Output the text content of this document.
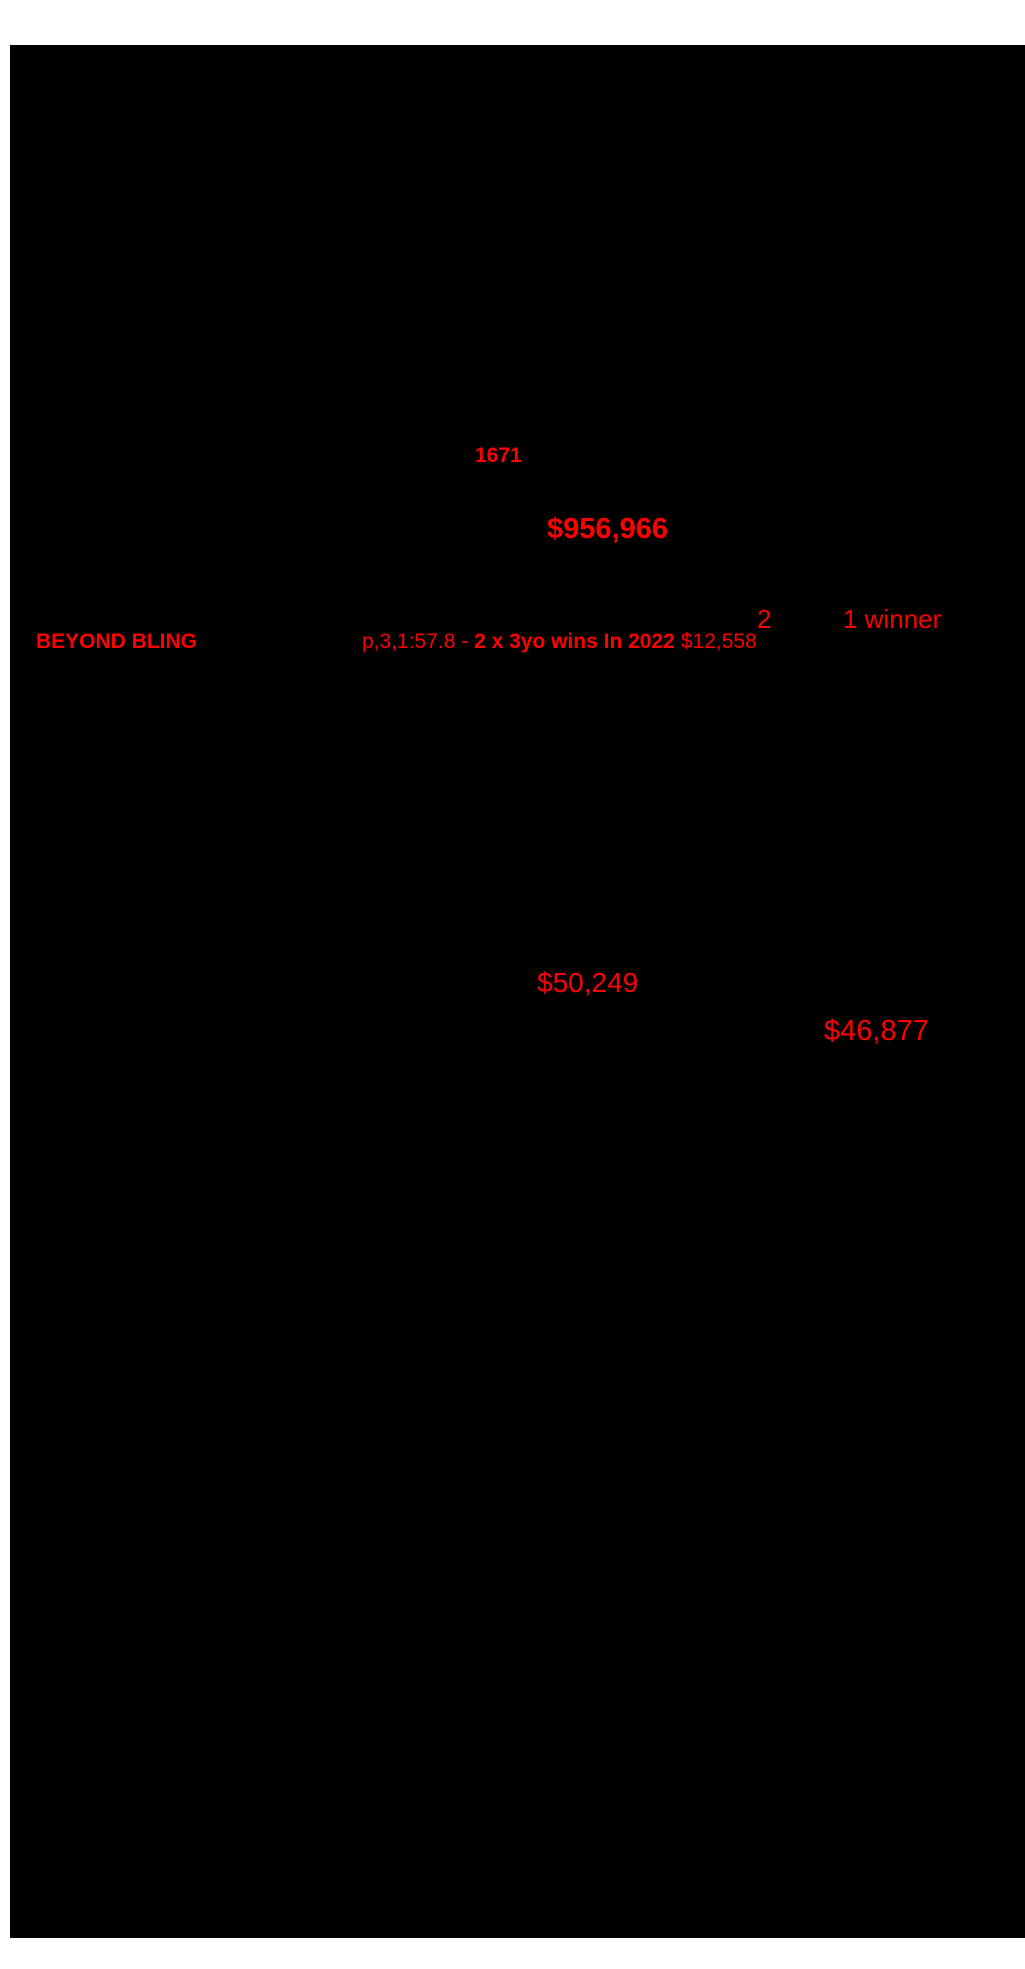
1671
$956,966
2	1 winner
BEYOND BLING	p,3,1:57.8 - 2 x 3yo wins In 2022 $12,558
$50,249
$46,877
